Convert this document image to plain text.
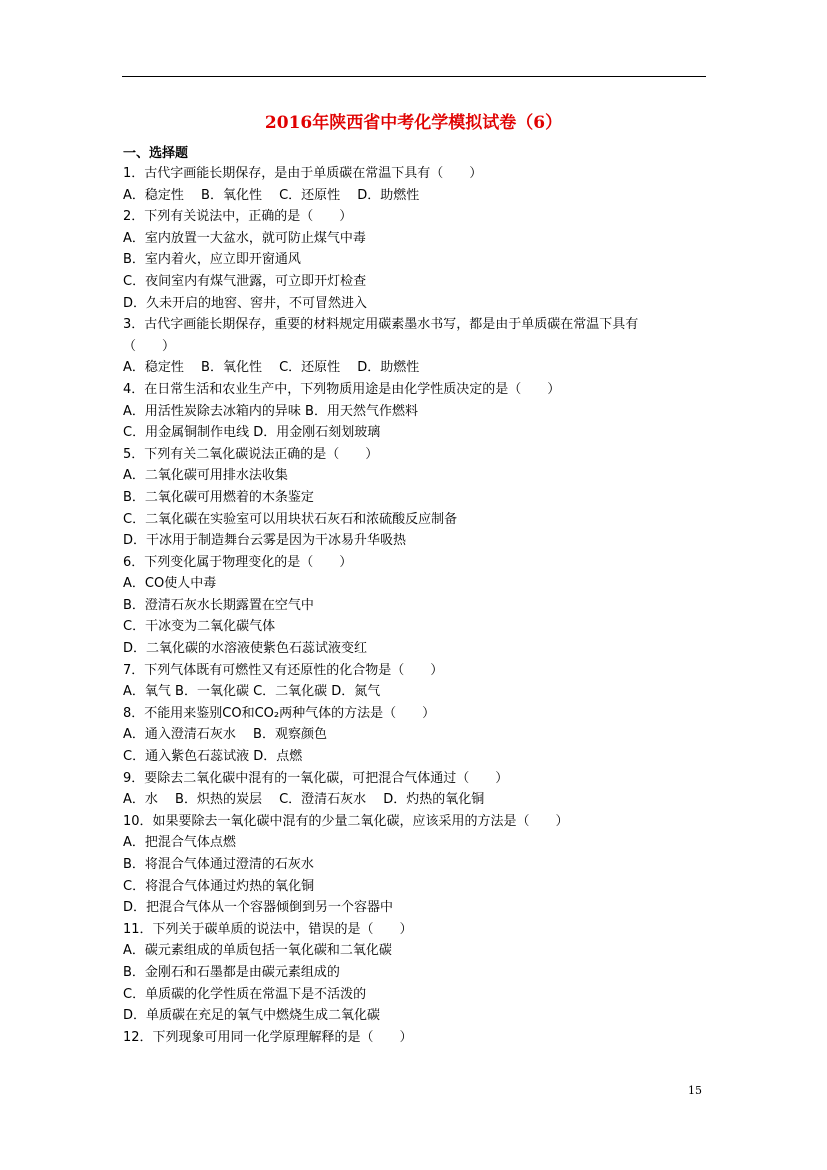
2016年陕西省中考化学模拟试卷（6）
一、选择题
1．古代字画能长期保存，是由于单质碳在常温下具有（　　）
A．稳定性　 B．氧化性　 C．还原性　 D．助燃性
2．下列有关说法中，正确的是（　　）
A．室内放置一大盆水，就可防止煤气中毒
B．室内着火，应立即开窗通风
C．夜间室内有煤气泄露，可立即开灯检查
D．久未开启的地窖、窖井，不可冒然进入
3．古代字画能长期保存，重要的材料规定用碳素墨水书写，都是由于单质碳在常温下具有
（　　）
A．稳定性　 B．氧化性　 C．还原性　 D．助燃性
4．在日常生活和农业生产中，下列物质用途是由化学性质决定的是（　　）
A．用活性炭除去冰箱内的异味 B．用天然气作燃料
C．用金属铜制作电线 D．用金刚石刻划玻璃
5．下列有关二氧化碳说法正确的是（　　）
A．二氧化碳可用排水法收集
B．二氧化碳可用燃着的木条鉴定
C．二氧化碳在实验室可以用块状石灰石和浓硫酸反应制备
D．干冰用于制造舞台云雾是因为干冰易升华吸热
6．下列变化属于物理变化的是（　　）
A．CO使人中毒
B．澄清石灰水长期露置在空气中
C．干冰变为二氧化碳气体
D．二氧化碳的水溶液使紫色石蕊试液变红
7．下列气体既有可燃性又有还原性的化合物是（　　）
A．氧气 B．一氧化碳 C．二氧化碳 D．氮气
8．不能用来鉴别CO和CO₂两种气体的方法是（　　）
A．通入澄清石灰水　 B．观察颜色
C．通入紫色石蕊试液 D．点燃
9．要除去二氧化碳中混有的一氧化碳，可把混合气体通过（　　）
A．水　 B．炽热的炭层　 C．澄清石灰水　 D．灼热的氧化铜
10．如果要除去一氧化碳中混有的少量二氧化碳，应该采用的方法是（　　）
A．把混合气体点燃
B．将混合气体通过澄清的石灰水
C．将混合气体通过灼热的氧化铜
D．把混合气体从一个容器倾倒到另一个容器中
11．下列关于碳单质的说法中，错误的是（　　）
A．碳元素组成的单质包括一氧化碳和二氧化碳
B．金刚石和石墨都是由碳元素组成的
C．单质碳的化学性质在常温下是不活泼的
D．单质碳在充足的氧气中燃烧生成二氧化碳
12．下列现象可用同一化学原理解释的是（　　）
15
